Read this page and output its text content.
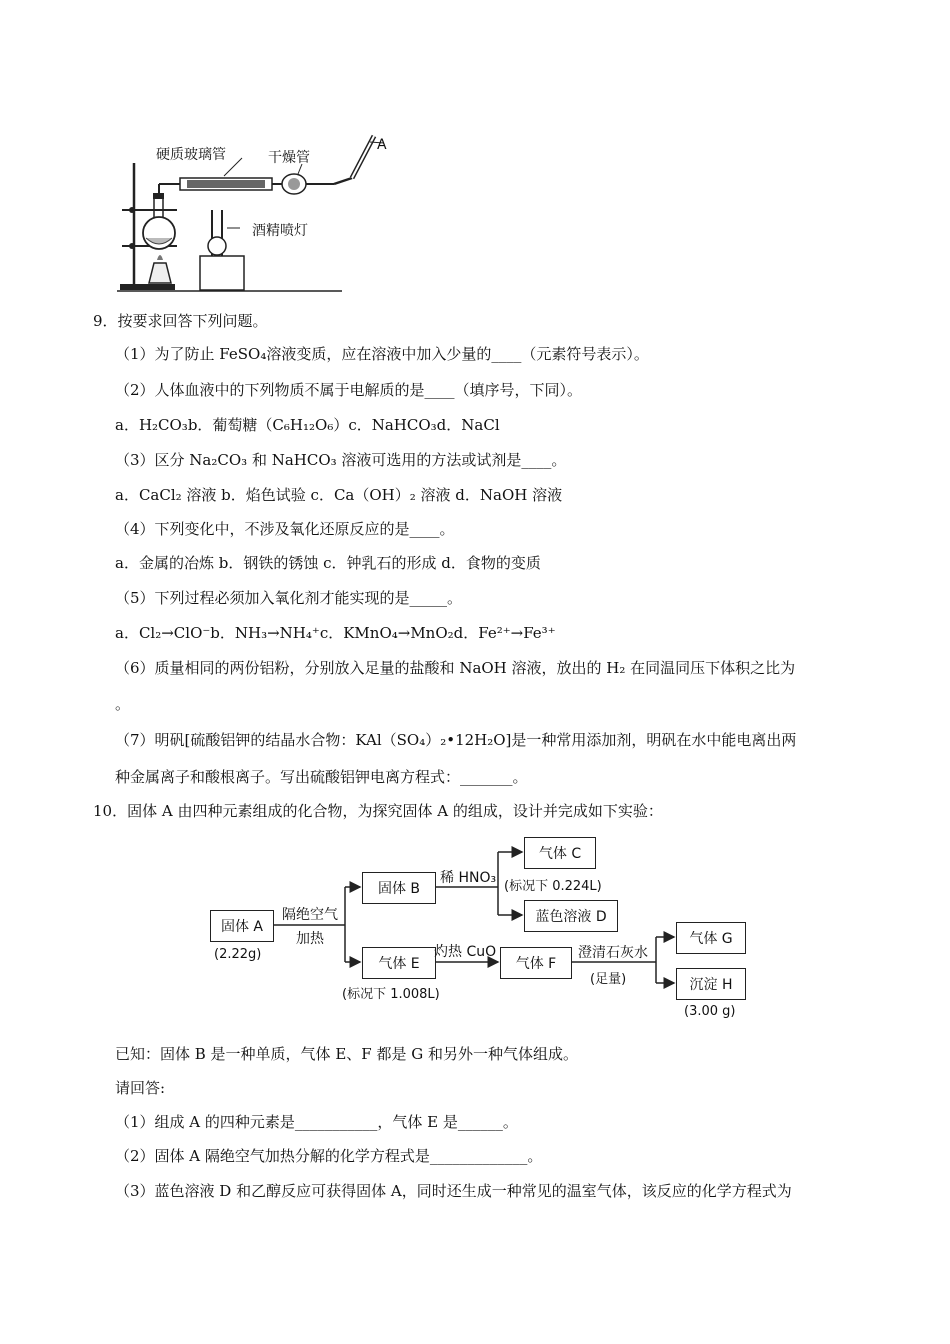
硬质玻璃管	干燥管
A
酒精喷灯
9．按要求回答下列问题。
（1）为了防止 FeSO₄溶液变质，应在溶液中加入少量的____（元素符号表示）。
（2）人体血液中的下列物质不属于电解质的是____（填序号，下同）。
a．H₂CO₃b．葡萄糖（C₆H₁₂O₆）c．NaHCO₃d．NaCl
（3）区分 Na₂CO₃ 和 NaHCO₃ 溶液可选用的方法或试剂是____。
a．CaCl₂ 溶液 b．焰色试验 c．Ca（OH）₂ 溶液 d．NaOH 溶液
（4）下列变化中，不涉及氧化还原反应的是____。
a．金属的冶炼 b．钢铁的锈蚀 c．钟乳石的形成 d．食物的变质
（5）下列过程必须加入氧化剂才能实现的是_____。
a．Cl₂→ClO⁻b．NH₃→NH₄⁺c．KMnO₄→MnO₂d．Fe²⁺→Fe³⁺
（6）质量相同的两份铝粉，分别放入足量的盐酸和 NaOH 溶液，放出的 H₂ 在同温同压下体积之比为
。
（7）明矾[硫酸铝钾的结晶水合物：KAl（SO₄）₂•12H₂O]是一种常用添加剂，明矾在水中能电离出两
种金属离子和酸根离子。写出硫酸铝钾电离方程式：_______。
10．固体 A 由四种元素组成的化合物，为探究固体 A 的组成，设计并完成如下实验：
固体 A
(2.22g)
隔绝空气
加热
固体 B
稀 HNO₃
气体 C
(标况下 0.224L)
蓝色溶液 D
气体 E
(标况下 1.008L)
灼热 CuO
气体 F
澄清石灰水
(足量)
气体 G
沉淀 H
(3.00 g)
已知：固体 B 是一种单质，气体 E、F 都是 G 和另外一种气体组成。
请回答:
（1）组成 A 的四种元素是___________，气体 E 是______。
（2）固体 A 隔绝空气加热分解的化学方程式是_____________。
（3）蓝色溶液 D 和乙醇反应可获得固体 A，同时还生成一种常见的温室气体，该反应的化学方程式为
